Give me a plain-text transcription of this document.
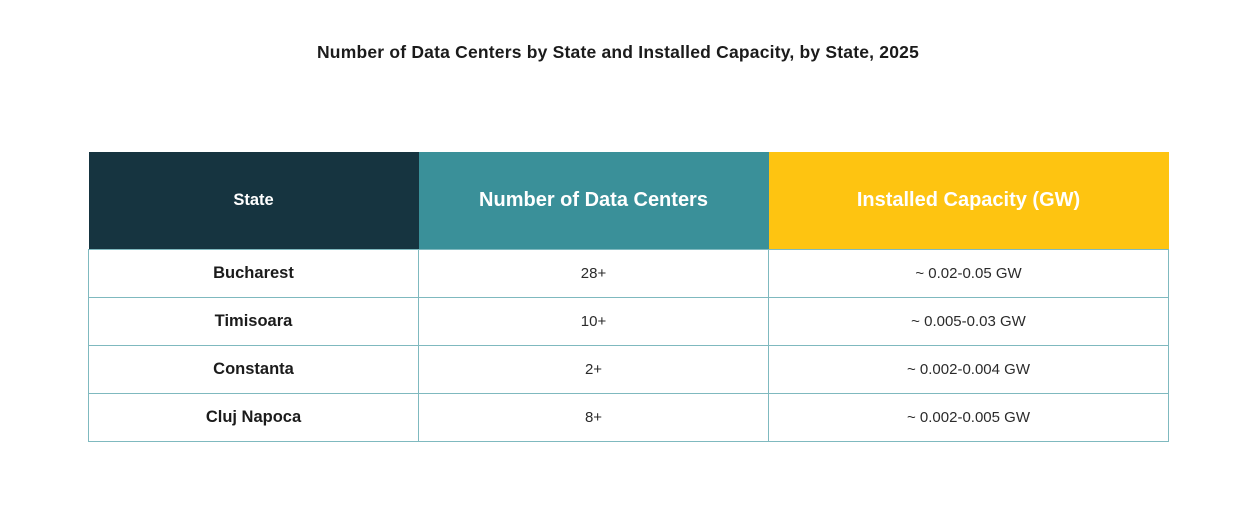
Number of Data Centers by State and Installed Capacity, by State, 2025
State	Number of Data Centers	Installed Capacity (GW)
Bucharest	28+	~ 0.02-0.05 GW
Timisoara	10+	~ 0.005-0.03 GW
Constanta	2+	~ 0.002-0.004 GW
Cluj Napoca	8+	~ 0.002-0.005 GW
